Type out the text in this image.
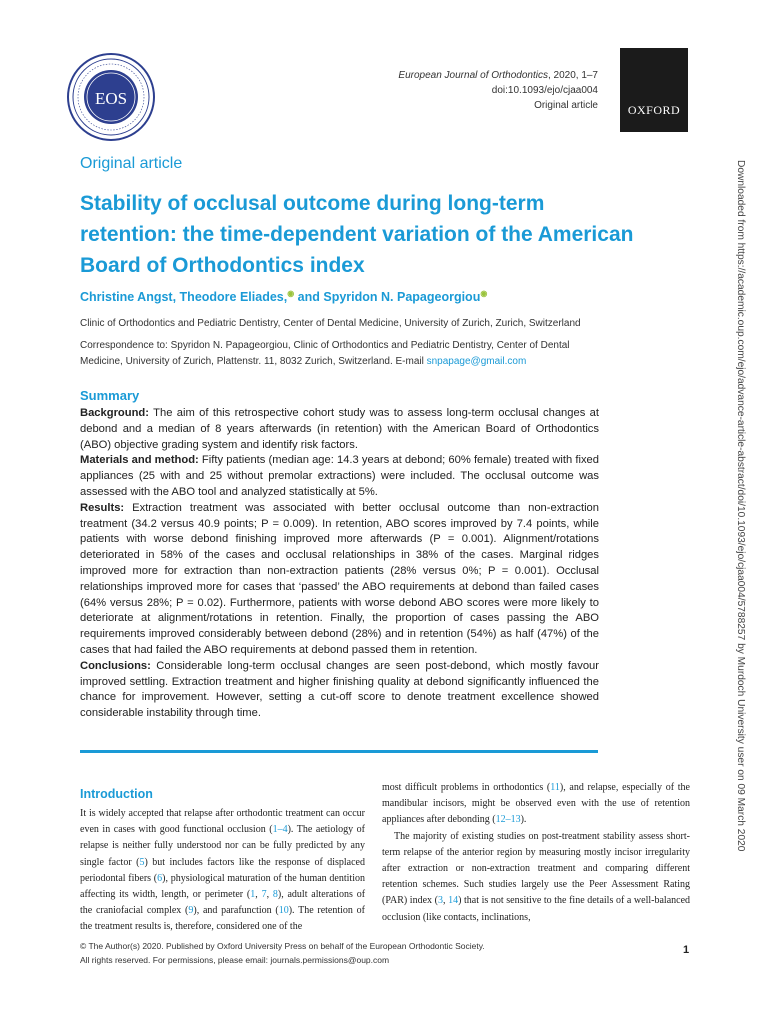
EOS
European Journal of Orthodontics, 2020, 1–7
doi:10.1093/ejo/cjaa004
Original article OXFORD
Original article
Stability of occlusal outcome during long-term retention: the time-dependent variation of the American Board of Orthodontics index
Christine Angst, Theodore Eliades,◉ and Spyridon N. Papageorgiou◉
Clinic of Orthodontics and Pediatric Dentistry, Center of Dental Medicine, University of Zurich, Zurich, Switzerland
Correspondence to: Spyridon N. Papageorgiou, Clinic of Orthodontics and Pediatric Dentistry, Center of Dental Medicine, University of Zurich, Plattenstr. 11, 8032 Zurich, Switzerland. E-mail snpapage@gmail.com
Summary

Background: The aim of this retrospective cohort study was to assess long-term occlusal changes at debond and a median of 8 years afterwards (in retention) with the American Board of Orthodontics (ABO) objective grading system and identify risk factors.

Materials and method: Fifty patients (median age: 14.3 years at debond; 60% female) treated with fixed appliances (25 with and 25 without premolar extractions) were included. The occlusal outcome was assessed with the ABO tool and analyzed statistically at 5%.

Results: Extraction treatment was associated with better occlusal outcome than non-extraction treatment (34.2 versus 40.9 points; P = 0.009). In retention, ABO scores improved by 7.4 points, while patients with worse debond finishing improved more afterwards (P = 0.001). Alignment/rotations deteriorated in 58% of the cases and occlusal relationships in 38% of the cases. Marginal ridges improved more for extraction than non-extraction patients (28% versus 0%; P = 0.001). Occlusal relationships improved more for cases that ‘passed’ the ABO requirements at debond than failed cases (64% versus 28%; P = 0.02). Furthermore, patients with worse debond ABO scores were more likely to deteriorate at alignment/rotations in retention. Finally, the proportion of cases passing the ABO requirements improved considerably between debond (28%) and in retention (54%) as half (47%) of the cases that had failed the ABO requirements at debond passed them in retention.

Conclusions: Considerable long-term occlusal changes are seen post-debond, which mostly favour improved settling. Extraction treatment and higher finishing quality at debond significantly influenced the chance for improvement. However, setting a cut-off score to denote treatment excellence showed considerable instability through time.

Introduction

It is widely accepted that relapse after orthodontic treatment can occur even in cases with good functional occlusion (1–4). The aetiology of relapse is neither fully understood nor can be fully predicted by any single factor (5) but includes factors like the response of displaced periodontal fibers (6), physiological maturation of the human dentition affecting its width, length, or perimeter (1, 7, 8), adult alterations of the craniofacial complex (9), and parafunction (10). The retention of the treatment results is, therefore, considered one of the

most difficult problems in orthodontics (11), and relapse, especially of the mandibular incisors, might be observed even with the use of retention appliances after debonding (12–13).

The majority of existing studies on post-treatment stability assess short-term relapse of the anterior region by measuring mostly incisor irregularity after extraction or non-extraction treatment and comparing different retention schemes. Such studies largely use the Peer Assessment Rating (PAR) index (3, 14) that is not sensitive to the fine details of a well-balanced occlusion (like contacts, inclinations,

© The Author(s) 2020. Published by Oxford University Press on behalf of the European Orthodontic Society.
All rights reserved. For permissions, please email: journals.permissions@oup.com
1
Downloaded from https://academic.oup.com/ejo/advance-article-abstract/doi/10.1093/ejo/cjaa004/5788257 by Murdoch University user on 09 March 2020
